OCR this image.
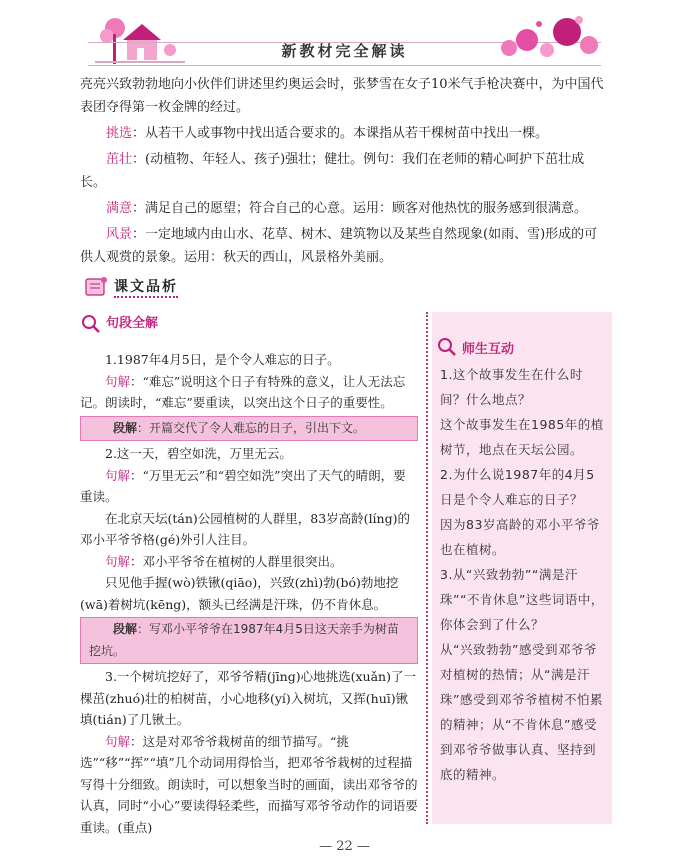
新教材完全解读

亮亮兴致勃勃地向小伙伴们讲述里约奥运会时，张梦雪在女子10米气手枪决赛中，为中国代表团夺得第一枚金牌的经过。

挑选：从若干人或事物中找出适合要求的。本课指从若干棵树苗中找出一棵。

茁壮：(动植物、年轻人、孩子)强壮；健壮。例句：我们在老师的精心呵护下茁壮成长。

满意：满足自己的愿望；符合自己的心意。运用：顾客对他热忱的服务感到很满意。

风景：一定地域内由山水、花草、树木、建筑物以及某些自然现象(如雨、雪)形成的可供人观赏的景象。运用：秋天的西山，风景格外美丽。

课文品析
句段全解

1.1987年4月5日，是个令人难忘的日子。

句解：“难忘”说明这个日子有特殊的意义，让人无法忘记。朗读时，“难忘”要重读，以突出这个日子的重要性。

段解：开篇交代了令人难忘的日子，引出下文。

2.这一天，碧空如洗，万里无云。

句解：“万里无云”和“碧空如洗”突出了天气的晴朗，要重读。

在北京天坛(tán)公园植树的人群里，83岁高龄(líng)的邓小平爷爷格(gé)外引人注目。

句解：邓小平爷爷在植树的人群里很突出。

只见他手握(wò)铁锹(qiāo)，兴致(zhì)勃(bó)勃地挖(wā)着树坑(kēng)，额头已经满是汗珠，仍不肯休息。

段解：写邓小平爷爷在1987年4月5日这天亲手为树苗挖坑。

3.一个树坑挖好了，邓爷爷精(jīng)心地挑选(xuǎn)了一棵茁(zhuó)壮的柏树苗，小心地移(yí)入树坑，又挥(huī)锹填(tián)了几锹土。

句解：这是对邓爷爷栽树苗的细节描写。“挑选”“移”“挥”“填”几个动词用得恰当，把邓爷爷栽树的过程描写得十分细致。朗读时，可以想象当时的画面，读出邓爷爷的认真，同时“小心”要读得轻柔些，而描写邓爷爷动作的词语要重读。(重点)

师生互动

1.这个故事发生在什么时间？什么地点？

这个故事发生在1985年的植树节，地点在天坛公园。

2.为什么说1987年的4月5日是个令人难忘的日子？

因为83岁高龄的邓小平爷爷也在植树。

3.从“兴致勃勃”“满是汗珠”“不肯休息”这些词语中，你体会到了什么？

从“兴致勃勃”感受到邓爷爷对植树的热情；从“满是汗珠”感受到邓爷爷植树不怕累的精神；从“不肯休息”感受到邓爷爷做事认真、坚持到底的精神。

— 22 —
